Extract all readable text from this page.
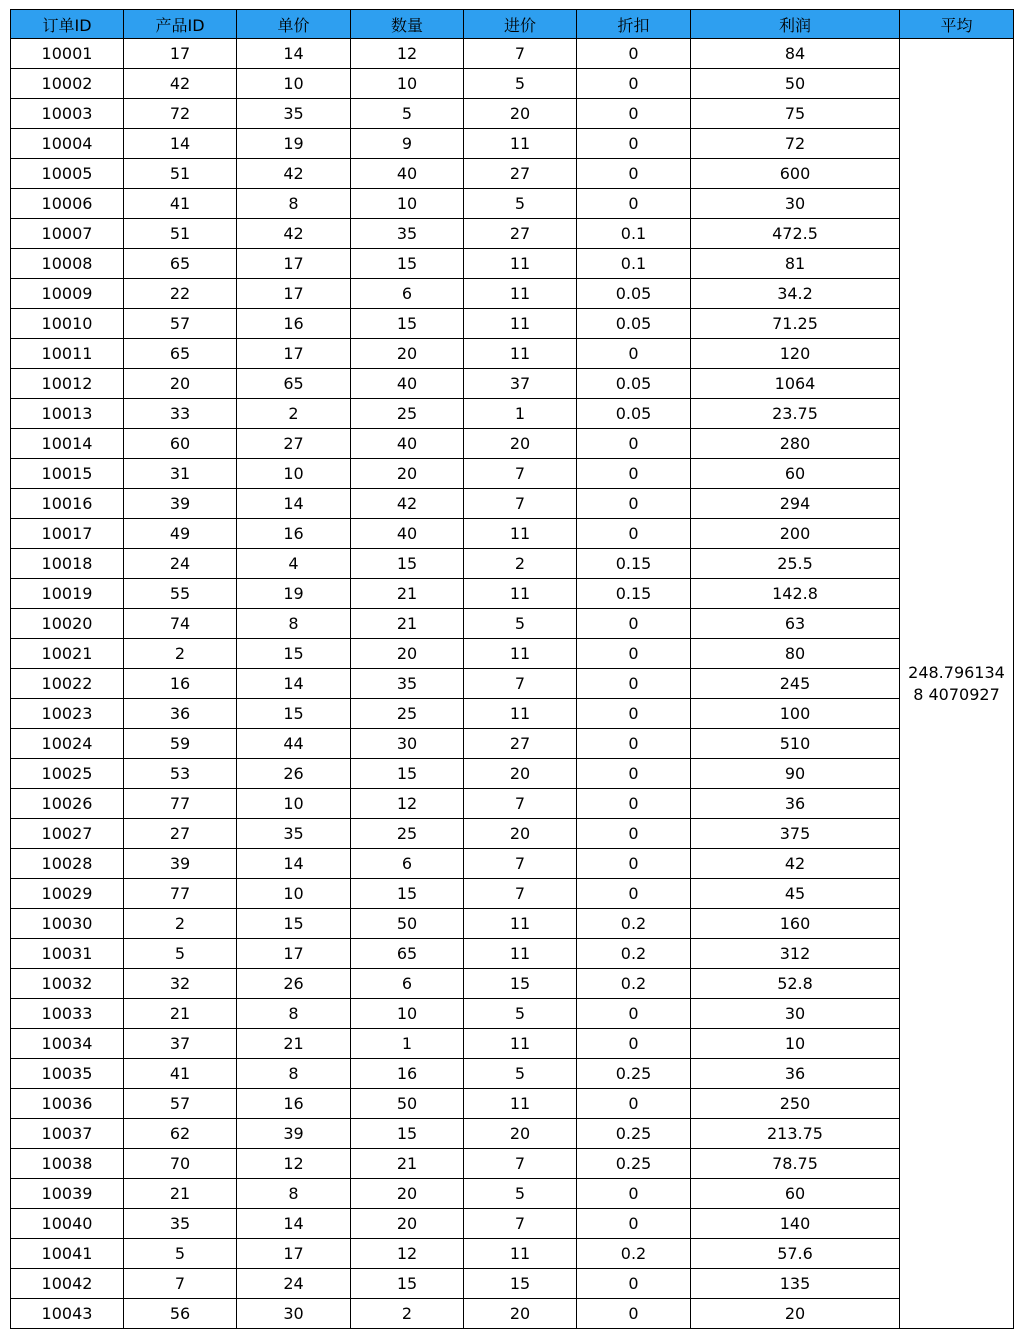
订单ID	产品ID	单价	数量	进价	折扣	利润	平均
10001	17	14	12	7	0	84	248.7961348 4070927

10002	42	10	10	5	0	50	
10003	72	35	5	20	0	75	
10004	14	19	9	11	0	72	
10005	51	42	40	27	0	600	
10006	41	8	10	5	0	30	
10007	51	42	35	27	0.1	472.5	
10008	65	17	15	11	0.1	81	
10009	22	17	6	11	0.05	34.2	
10010	57	16	15	11	0.05	71.25	
10011	65	17	20	11	0	120	
10012	20	65	40	37	0.05	1064	
10013	33	2	25	1	0.05	23.75	
10014	60	27	40	20	0	280	
10015	31	10	20	7	0	60	
10016	39	14	42	7	0	294	
10017	49	16	40	11	0	200	
10018	24	4	15	2	0.15	25.5	
10019	55	19	21	11	0.15	142.8	
10020	74	8	21	5	0	63	
10021	2	15	20	11	0	80	
10022	16	14	35	7	0	245	
10023	36	15	25	11	0	100	
10024	59	44	30	27	0	510	
10025	53	26	15	20	0	90	
10026	77	10	12	7	0	36	
10027	27	35	25	20	0	375	
10028	39	14	6	7	0	42	
10029	77	10	15	7	0	45	
10030	2	15	50	11	0.2	160	
10031	5	17	65	11	0.2	312	
10032	32	26	6	15	0.2	52.8	
10033	21	8	10	5	0	30	
10034	37	21	1	11	0	10	
10035	41	8	16	5	0.25	36	
10036	57	16	50	11	0	250	
10037	62	39	15	20	0.25	213.75	
10038	70	12	21	7	0.25	78.75	
10039	21	8	20	5	0	60	
10040	35	14	20	7	0	140	
10041	5	17	12	11	0.2	57.6	
10042	7	24	15	15	0	135	
10043	56	30	2	20	0	20	
